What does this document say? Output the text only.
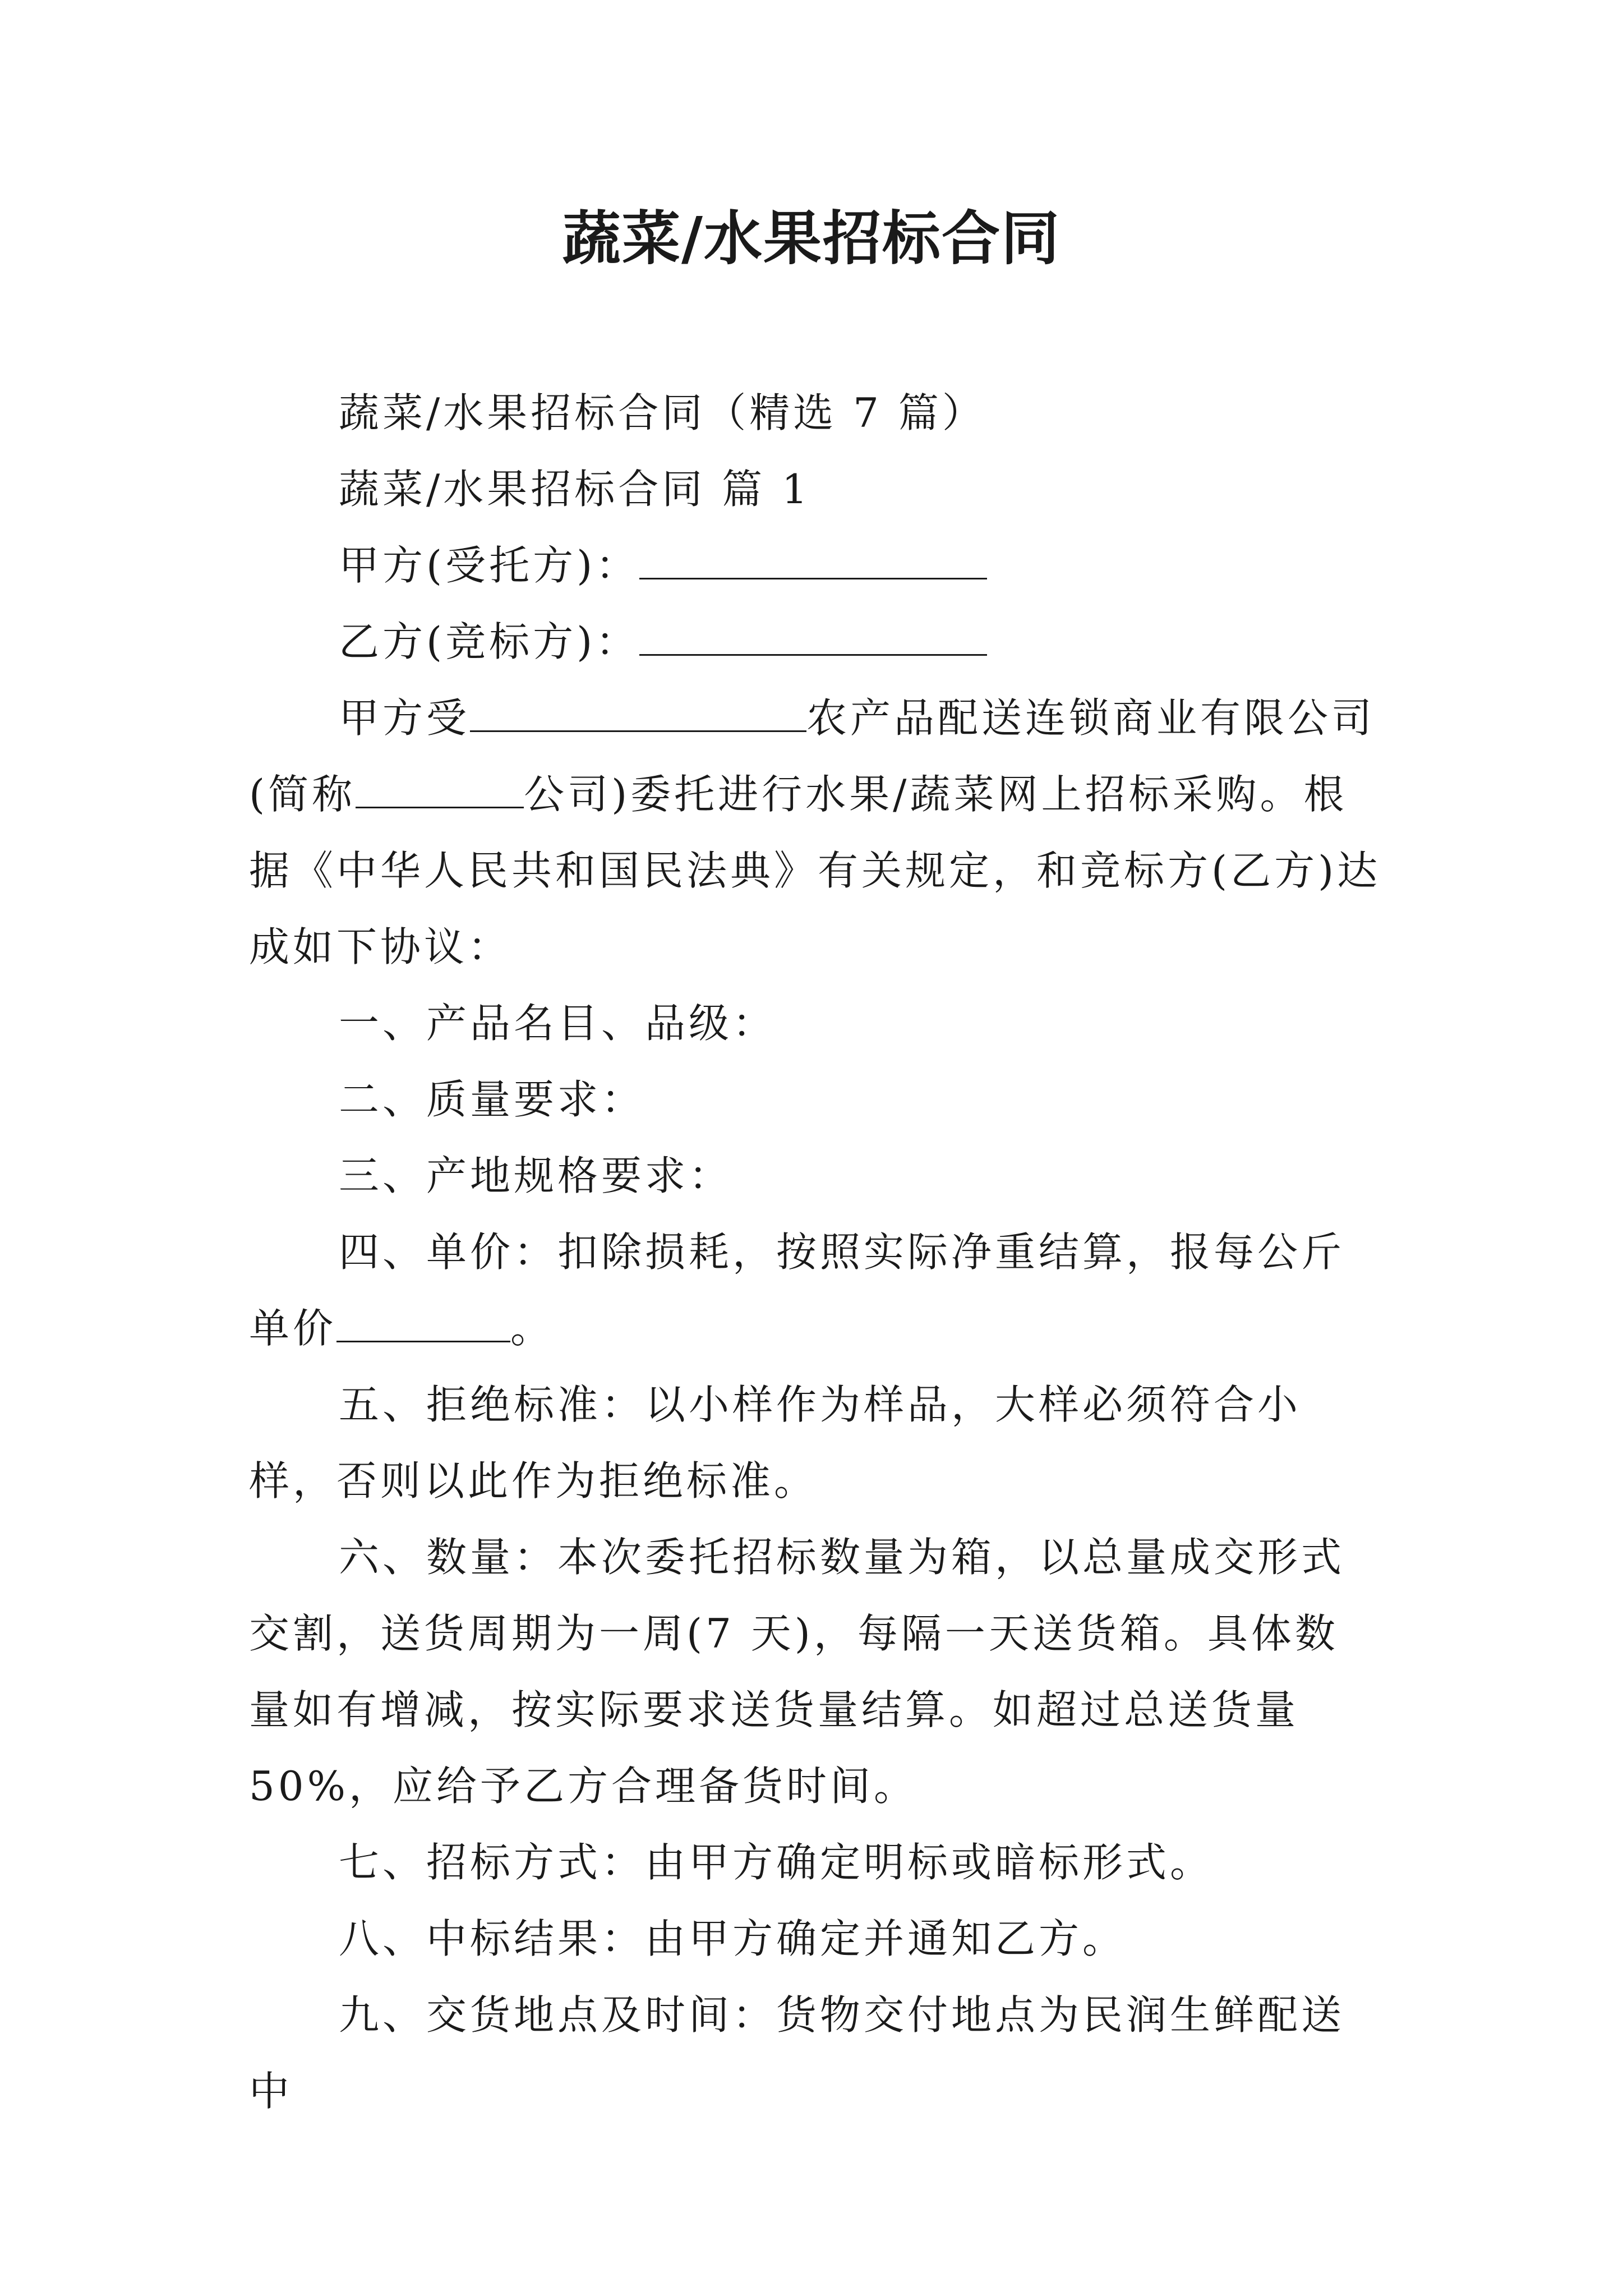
蔬菜/水果招标合同

蔬菜/水果招标合同（精选 7 篇）

蔬菜/水果招标合同 篇 1

甲方(受托方)：

乙方(竞标方)：

甲方受	农产品配送连锁商业有限公司(简称	公司)委托进行水果/蔬菜网上招标采购。根据《中华人民共和国民法典》有关规定，和竞标方(乙方)达成如下协议：

一、产品名目、品级：

二、质量要求：

三、产地规格要求：

四、单价：扣除损耗，按照实际净重结算，报每公斤单价	。

五、拒绝标准：以小样作为样品，大样必须符合小样，否则以此作为拒绝标准。

六、数量：本次委托招标数量为箱，以总量成交形式交割，送货周期为一周(7 天)，每隔一天送货箱。具体数量如有增减，按实际要求送货量结算。如超过总送货量 50%，应给予乙方合理备货时间。

七、招标方式：由甲方确定明标或暗标形式。

八、中标结果：由甲方确定并通知乙方。

九、交货地点及时间：货物交付地点为民润生鲜配送中
